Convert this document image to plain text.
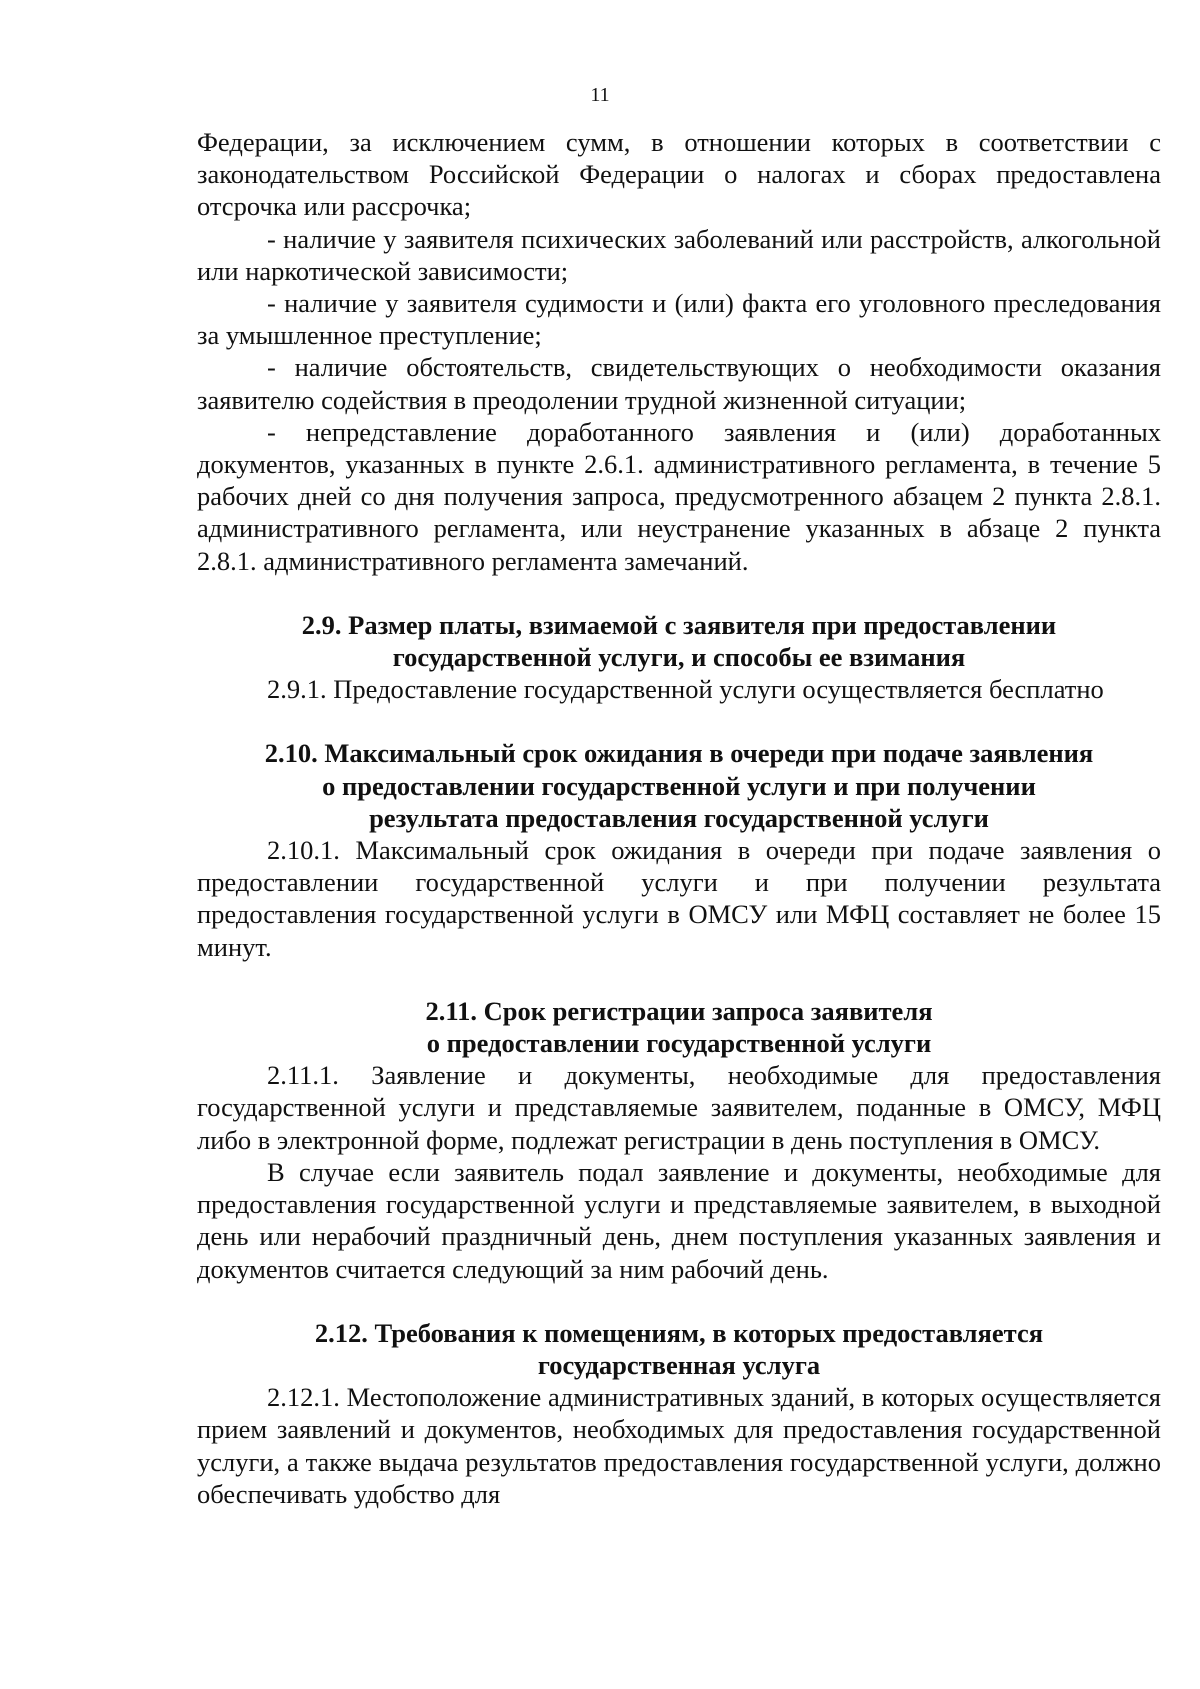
11

Федерации, за исключением сумм, в отношении которых в соответствии с законодательством Российской Федерации о налогах и сборах предоставлена отсрочка или рассрочка;

- наличие у заявителя психических заболеваний или расстройств, алкогольной или наркотической зависимости;

- наличие у заявителя судимости и (или) факта его уголовного преследования за умышленное преступление;

- наличие обстоятельств, свидетельствующих о необходимости оказания заявителю содействия в преодолении трудной жизненной ситуации;

- непредставление доработанного заявления и (или) доработанных документов, указанных в пункте 2.6.1. административного регламента, в течение 5 рабочих дней со дня получения запроса, предусмотренного абзацем 2 пункта 2.8.1. административного регламента, или неустранение указанных в абзаце 2 пункта 2.8.1. административного регламента замечаний.

2.9. Размер платы, взимаемой с заявителя при предоставлении
государственной услуги, и способы ее взимания

2.9.1. Предоставление государственной услуги осуществляется бесплатно

2.10. Максимальный срок ожидания в очереди при подаче заявления
о предоставлении государственной услуги и при получении
результата предоставления государственной услуги

2.10.1. Максимальный срок ожидания в очереди при подаче заявления о предоставлении государственной услуги и при получении результата предоставления государственной услуги в ОМСУ или МФЦ составляет не более 15 минут.

2.11. Срок регистрации запроса заявителя
о предоставлении государственной услуги

2.11.1. Заявление и документы, необходимые для предоставления государственной услуги и представляемые заявителем, поданные в ОМСУ, МФЦ либо в электронной форме, подлежат регистрации в день поступления в ОМСУ.

В случае если заявитель подал заявление и документы, необходимые для предоставления государственной услуги и представляемые заявителем, в выходной день или нерабочий праздничный день, днем поступления указанных заявления и документов считается следующий за ним рабочий день.

2.12. Требования к помещениям, в которых предоставляется
государственная услуга

2.12.1. Местоположение административных зданий, в которых осуществляется прием заявлений и документов, необходимых для предоставления государственной услуги, а также выдача результатов предоставления государственной услуги, должно обеспечивать удобство для
